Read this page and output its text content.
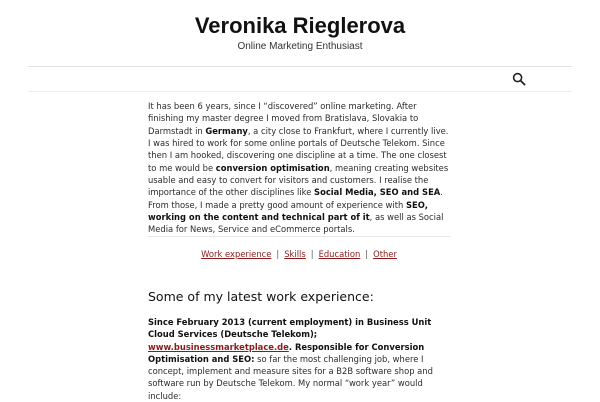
Veronika Rieglerova
Online Marketing Enthusiast

It has been 6 years, since I “discovered” online marketing. After finishing my master degree I moved from Bratislava, Slovakia to Darmstadt in Germany, a city close to Frankfurt, where I currently live. I was hired to work for some online portals of Deutsche Telekom. Since then I am hooked, discovering one discipline at a time. The one closest to me would be conversion optimisation, meaning creating websites usable and easy to convert for visitors and customers. I realise the importance of the other disciplines like Social Media, SEO and SEA. From those, I made a pretty good amount of experience with SEO, working on the content and technical part of it, as well as Social Media for News, Service and eCommerce portals.

Work experience | Skills | Education | Other
Some of my latest work experience:

Since February 2013 (current employment) in Business Unit Cloud Services (Deutsche Telekom);
www.businessmarketplace.de. Responsible for Conversion Optimisation and SEO: so far the most challenging job, where I concept, implement and measure sites for a B2B software shop and software run by Deutsche Telekom. My normal “work year” would include:
